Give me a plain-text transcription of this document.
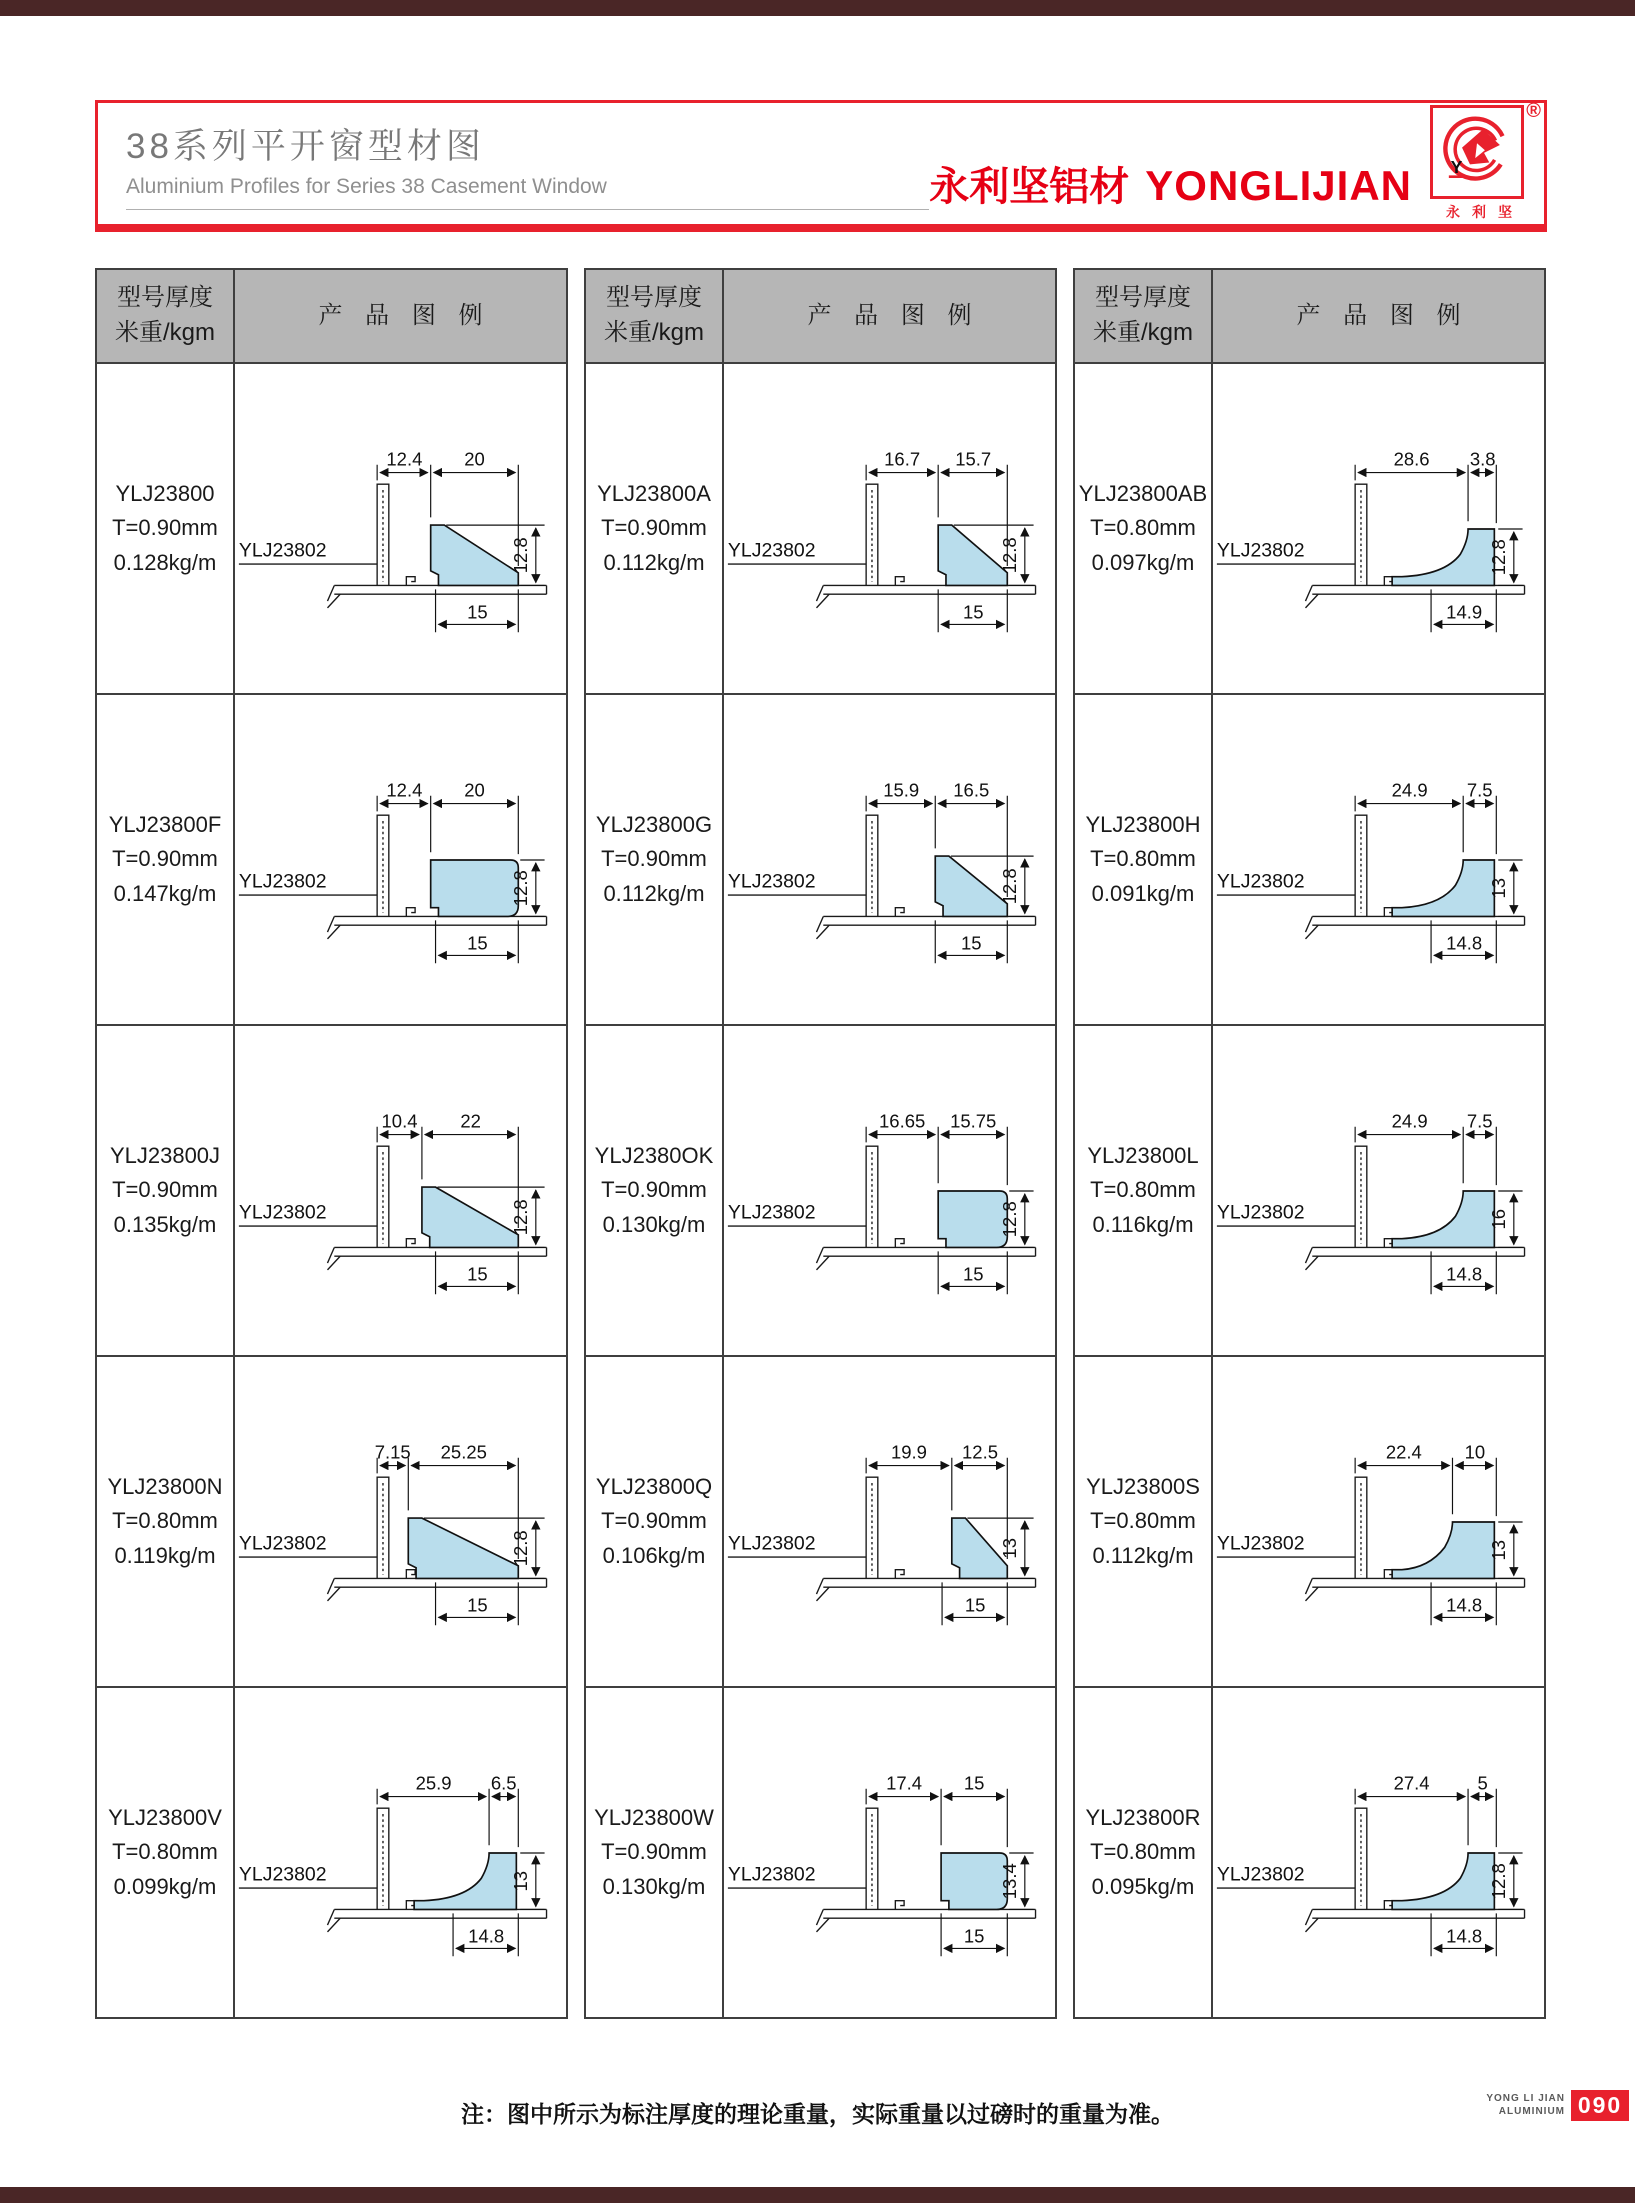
38系列平开窗型材图
Aluminium Profiles for Series 38 Casement Window	永利坚铝材 YONGLIJIAN
®
Y
永利坚
型号厚度
米重/kgm
产 品 图 例
YLJ23800
T=0.90mm
0.128kg/m
12.4 20
12.8
15
YLJ23802
YLJ23800F
T=0.90mm
0.147kg/m
12.4 20
12.8
15
YLJ23802
YLJ23800J
T=0.90mm
0.135kg/m
10.4 22
12.8
15
YLJ23802
YLJ23800N
T=0.80mm
0.119kg/m
7.15 25.25
12.8
15
YLJ23802
YLJ23800V
T=0.80mm
0.099kg/m
25.9 6.5
13
14.8
YLJ23802
型号厚度
米重/kgm
产 品 图 例
YLJ23800A
T=0.90mm
0.112kg/m
16.7 15.7
12.8
15
YLJ23802
YLJ23800G
T=0.90mm
0.112kg/m
15.9 16.5
12.8
15
YLJ23802
YLJ2380OK
T=0.90mm
0.130kg/m
16.65 15.75
12.8
15
YLJ23802
YLJ23800Q
T=0.90mm
0.106kg/m
19.9 12.5
13
15
YLJ23802
YLJ23800W
T=0.90mm
0.130kg/m
17.4 15
13.4
15
YLJ23802
型号厚度
米重/kgm
产 品 图 例
YLJ23800AB
T=0.80mm
0.097kg/m
28.6 3.8
12.8
14.9
YLJ23802
YLJ23800H
T=0.80mm
0.091kg/m
24.9 7.5
13
14.8
YLJ23802
YLJ23800L
T=0.80mm
0.116kg/m
24.9 7.5
16
14.8
YLJ23802
YLJ23800S
T=0.80mm
0.112kg/m
22.4 10
13
14.8
YLJ23802
YLJ23800R
T=0.80mm
0.095kg/m
27.4	5
12.8
14.8
YLJ23802
注：图中所示为标注厚度的理论重量，实际重量以过磅时的重量为准。
YONG LI JIAN
ALUMINIUM 090
